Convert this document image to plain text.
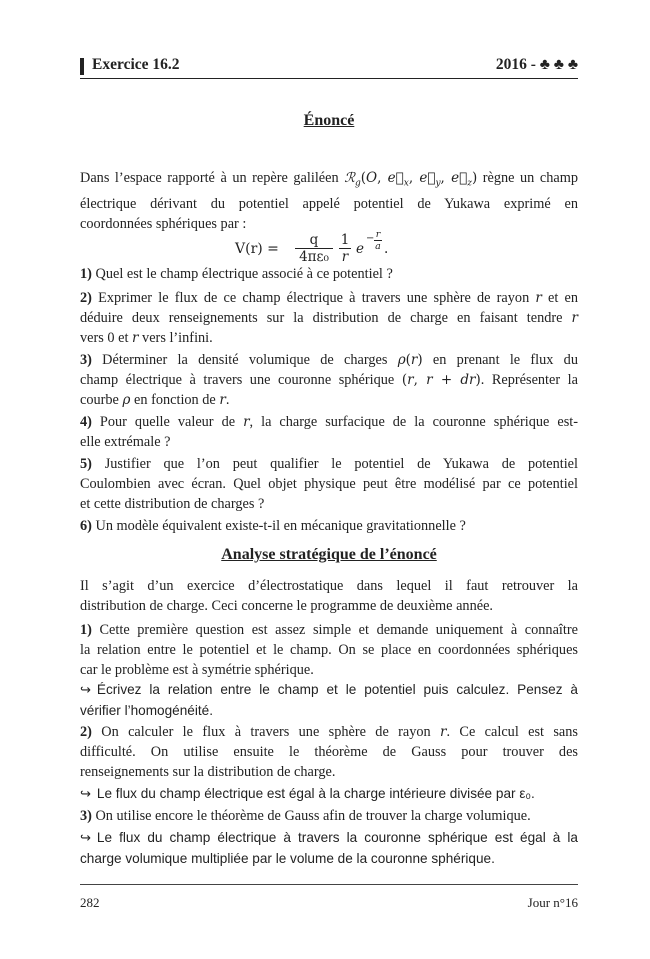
Exercice 16.2	2016 - ♣ ♣ ♣
Énoncé
Dans l’espace rapporté à un repère galiléen ℛ$_g$(O, $e⃗_x$, $e⃗_y$, $e⃗_z$) règne un champ
électrique dérivant du potentiel appelé potentiel de Yukawa exprimé en
coordonnées sphériques par :
V(r) =
q
4πε₀
1
r e
− r
a .
1) Quel est le champ électrique associé à ce potentiel ?
2) Exprimer le flux de ce champ électrique à travers une sphère de rayon r et en
déduire deux renseignements sur la distribution de charge en faisant tendre r
vers 0 et r vers l’infini.
3) Déterminer la densité volumique de charges ρ(r) en prenant le flux du
champ électrique à travers une couronne sphérique (r, r + dr). Représenter la
courbe ρ en fonction de r.
4) Pour quelle valeur de r, la charge surfacique de la couronne sphérique est-
elle extrémale ?
5) Justifier que l’on peut qualifier le potentiel de Yukawa de potentiel
Coulombien avec écran. Quel objet physique peut être modélisé par ce potentiel
et cette distribution de charges ?
6) Un modèle équivalent existe-t-il en mécanique gravitationnelle ?
Analyse stratégique de l’énoncé
Il s’agit d’un exercice d’électrostatique dans lequel il faut retrouver la
distribution de charge. Ceci concerne le programme de deuxième année.
1) Cette première question est assez simple et demande uniquement à connaître
la relation entre le potentiel et le champ. On se place en coordonnées sphériques
car le problème est à symétrie sphérique.
↪ Écrivez la relation entre le champ et le potentiel puis calculez. Pensez à
vérifier l’homogénéité.
2) On calculer le flux à travers une sphère de rayon r. Ce calcul est sans
difficulté. On utilise ensuite le théorème de Gauss pour trouver des
renseignements sur la distribution de charge.
282	Jour n°16
↪ Le flux du champ électrique est égal à la charge intérieure divisée par ε₀.
3) On utilise encore le théorème de Gauss afin de trouver la charge volumique.
↪ Le flux du champ électrique à travers la couronne sphérique est égal à la
charge volumique multipliée par le volume de la couronne sphérique.
